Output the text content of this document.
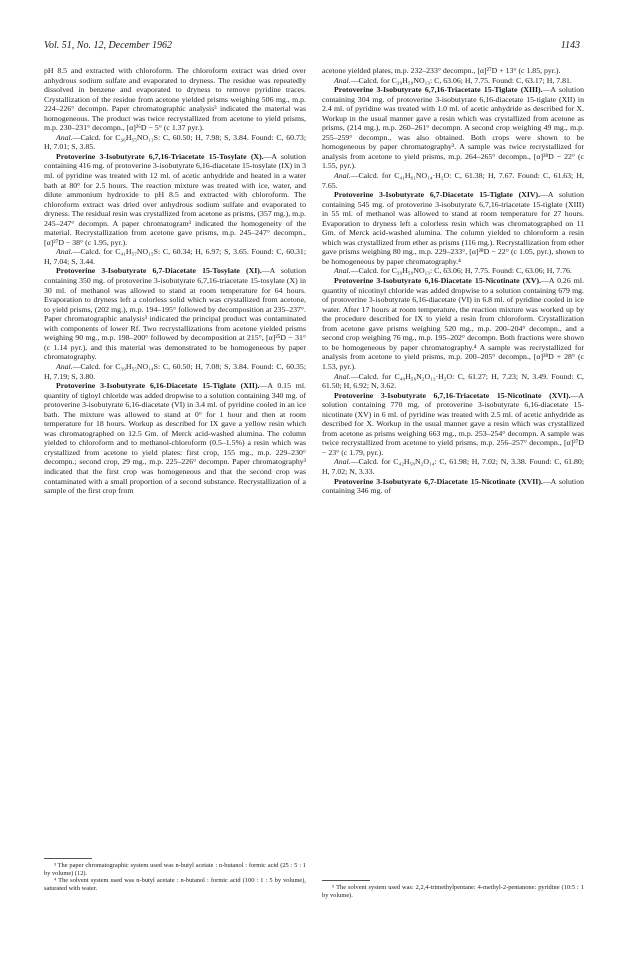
Vol. 51, No. 12, December 1962	1143

pH 8.5 and extracted with chloroform. The chloroform extract was dried over anhydrous sodium sulfate and evaporated to dryness. The residue was repeatedly dissolved in benzene and evaporated to dryness to remove pyridine traces. Crystallization of the residue from acetone yielded prisms weighing 506 mg., m.p. 224–226° decompn. Paper chromatographic analysis³ indicated the material was homogeneous. The product was twice recrystallized from acetone to yield prisms, m.p. 230–231° decompn., [α]²⁶D − 5° (c 1.37 pyr.).

Anal.—Calcd. for C₃₆H₅₅NO₁₁S: C, 60.50; H, 7.98; S, 3.84. Found: C, 60.73; H, 7.01; S, 3.85.

Protoverine 3-Isobutyrate 6,7,16-Triacetate 15-Tosylate (X).—A solution containing 416 mg. of protoverine 3-isobutyrate 6,16-diacetate 15-tosylate (IX) in 3 ml. of pyridine was treated with 12 ml. of acetic anhydride and heated in a water bath at 80° for 2.5 hours. The reaction mixture was treated with ice, water, and dilute ammonium hydroxide to pH 8.5 and extracted with chloroform. The chloroform extract was dried over anhydrous sodium sulfate and evaporated to dryness. The residual resin was crystallized from acetone as prisms, (357 mg.), m.p. 245–247° decompn. A paper chromatogram³ indicated the homogeneity of the material. Recrystallization from acetone gave prisms, m.p. 245–247° decompn., [α]²⁷D − 38° (c 1.95, pyr.).

Anal.—Calcd. for C₄₁H₅₇NO₁₅S: C, 60.34; H, 6.97; S, 3.65. Found: C, 60.31; H, 7.04; S, 3.44.

Protoverine 3-Isobutyrate 6,7-Diacetate 15-Tosylate (XI).—A solution containing 350 mg. of protoverine 3-isobutyrate 6,7,16-triacetate 15-tosylate (X) in 30 ml. of methanol was allowed to stand at room temperature for 64 hours. Evaporation to dryness left a colorless solid which was crystallized from acetone, to yield prisms, (202 mg.), m.p. 194–195° followed by decomposition at 235–237°. Paper chromatographic analysis³ indicated the principal product was contaminated with components of lower Rf. Two recrystallizations from acetone yielded prisms weighing 90 mg., m.p. 198–200° followed by decomposition at 215°, [α]²⁵D − 31° (c 1.14 pyr.), and this material was demonstrated to be homogeneous by paper chromatography.

Anal.—Calcd. for C₃₉H₅₅NO₁₄S: C, 60.50; H, 7.08; S, 3.84. Found: C, 60.35; H, 7.19; S, 3.80.

Protoverine 3-Isobutyrate 6,16-Diacetate 15-Tiglate (XII).—A 0.15 ml. quantity of tigloyl chloride was added dropwise to a solution containing 340 mg. of protoverine 3-isobutyrate 6,16-diacetate (VI) in 3.4 ml. of pyridine cooled in an ice bath. The mixture was allowed to stand at 0° for 1 hour and then at room temperature for 18 hours. Workup as described for IX gave a yellow resin which was chromatographed on 12.5 Gm. of Merck acid-washed alumina. The column yielded to chloroform and to methanol-chloroform (0.5–1.5%) a resin which was crystallized from acetone to yield plates: first crop, 155 mg., m.p. 229–230° decompn.; second crop, 29 mg., m.p. 225–226° decompn. Paper chromatography³ indicated that the first crop was homogeneous and that the second crop was contaminated with a small proportion of a second substance. Recrystallization of a sample of the first crop from

acetone yielded plates, m.p. 232–233° decompn., [α]²⁷D + 13° (c 1.85, pyr.).

Anal.—Calcd. for C₃₉H₅₉NO₁₃: C, 63.06; H, 7.75. Found: C, 63.17; H, 7.81.

Protoverine 3-Isobutyrate 6,7,16-Triacetate 15-Tiglate (XIII).—A solution containing 304 mg. of protoverine 3-isobutyrate 6,16-diacetate 15-tiglate (XII) in 2.4 ml. of pyridine was treated with 1.0 ml. of acetic anhydride as described for X. Workup in the usual manner gave a resin which was crystallized from acetone as prisms, (214 mg.), m.p. 260–261° decompn. A second crop weighing 49 mg., m.p. 255–259° decompn., was also obtained. Both crops were shown to be homogeneous by paper chromatography³. A sample was twice recrystallized for analysis from acetone to yield prisms, m.p. 264–265° decompn., [α]²⁸D − 22° (c 1.55, pyr.).

Anal.—Calcd. for C₄₁H₆₁NO₁₄·H₂O: C, 61.38; H, 7.67. Found: C, 61.63; H, 7.65.

Protoverine 3-Isobutyrate 6,7-Diacetate 15-Tiglate (XIV).—A solution containing 545 mg. of protoverine 3-isobutyrate 6,7,16-triacetate 15-tiglate (XIII) in 55 ml. of methanol was allowed to stand at room temperature for 27 hours. Evaporation to dryness left a colorless resin which was chromatographed on 11 Gm. of Merck acid-washed alumina. The column yielded to chloroform a resin which was crystallized from ether as prisms (116 mg.). Recrystallization from ether gave prisms weighing 80 mg., m.p. 229–233°, [α]²⁸D − 22° (c 1.05, pyr.), shown to be homogeneous by paper chromatography.⁴

Anal.—Calcd. for C₃₉H₅₉NO₁₃: C, 63.06; H, 7.75. Found: C, 63.06; H, 7.76.

Protoverine 3-Isobutyrate 6,16-Diacetate 15-Nicotinate (XV).—A 0.26 ml. quantity of nicotinyl chloride was added dropwise to a solution containing 679 mg. of protoverine 3-isobutyrate 6,16-diacetate (VI) in 6.8 ml. of pyridine cooled in ice water. After 17 hours at room temperature, the reaction mixture was worked up by the procedure described for IX to yield a resin from chloroform. Crystallization from acetone gave prisms weighing 520 mg., m.p. 200–204° decompn., and a second crop weighing 76 mg., m.p. 195–202° decompn. Both fractions were shown to be homogeneous by paper chromatography.⁴ A sample was recrystallized for analysis from acetone to yield prisms, m.p. 200–205° decompn., [α]²⁸D + 28° (c 1.53, pyr.).

Anal.—Calcd. for C₄₀H₅₆N₂O₁₃·H₂O: C, 61.27; H, 7.23; N, 3.49. Found: C, 61.50; H, 6.92; N, 3.62.

Protoverine 3-Isobutyrate 6,7,16-Triacetate 15-Nicotinate (XVI).—A solution containing 770 mg. of protoverine 3-isobutyrate 6,16-diacetate 15-nicotinate (XV) in 6 ml. of pyridine was treated with 2.5 ml. of acetic anhydride as described for X. Workup in the usual manner gave a resin which was crystallized from acetone as prisms weighing 663 mg., m.p. 253–254° decompn. A sample was twice recrystallized from acetone to yield prisms, m.p. 256–257° decompn., [α]²⁷D − 23° (c 1.79, pyr.).

Anal.—Calcd. for C₄₂H₅₈N₂O₁₄: C, 61.98; H, 7.02; N, 3.38. Found: C, 61.80; H, 7.02; N, 3.33.

Protoverine 3-Isobutyrate 6,7-Diacetate 15-Nicotinate (XVII).—A solution containing 346 mg. of

³ The paper chromatographic system used was n-butyl acetate : n-butanol : formic acid (25 : 5 : 1 by volume) (12).

⁴ The solvent system used was n-butyl acetate : n-butanol : formic acid (100 : 1 : 5 by volume), saturated with water.	⁵ The solvent system used was: 2,2,4-trimethylpentane: 4-methyl-2-pentanone: pyridine (10:5 : 1 by volume).
